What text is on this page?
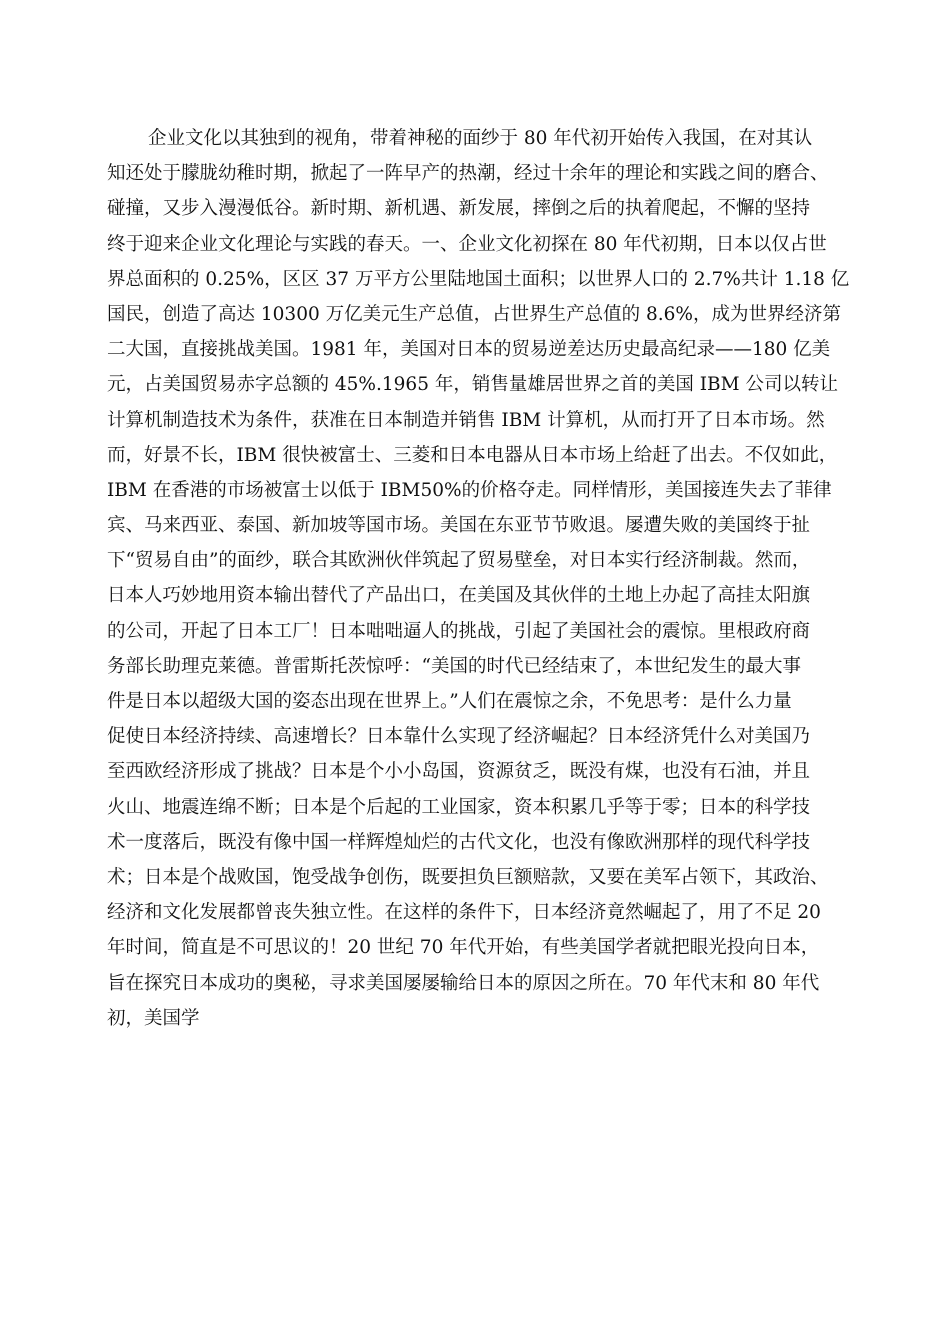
企业文化以其独到的视角，带着神秘的面纱于 80 年代初开始传入我国，在对其认
知还处于朦胧幼稚时期，掀起了一阵早产的热潮，经过十余年的理论和实践之间的磨合、
碰撞，又步入漫漫低谷。新时期、新机遇、新发展，摔倒之后的执着爬起，不懈的坚持
终于迎来企业文化理论与实践的春天。一、企业文化初探在 80 年代初期，日本以仅占世
界总面积的 0.25%，区区 37 万平方公里陆地国土面积；以世界人口的 2.7%共计 1.18 亿
国民，创造了高达 10300 万亿美元生产总值，占世界生产总值的 8.6%，成为世界经济第
二大国，直接挑战美国。1981 年，美国对日本的贸易逆差达历史最高纪录——180 亿美
元，占美国贸易赤字总额的 45%.1965 年，销售量雄居世界之首的美国 IBM 公司以转让
计算机制造技术为条件，获准在日本制造并销售 IBM 计算机，从而打开了日本市场。然
而，好景不长，IBM 很快被富士、三菱和日本电器从日本市场上给赶了出去。不仅如此，
IBM 在香港的市场被富士以低于 IBM50%的价格夺走。同样情形，美国接连失去了菲律
宾、马来西亚、泰国、新加坡等国市场。美国在东亚节节败退。屡遭失败的美国终于扯
下“贸易自由”的面纱，联合其欧洲伙伴筑起了贸易壁垒，对日本实行经济制裁。然而，
日本人巧妙地用资本输出替代了产品出口，在美国及其伙伴的土地上办起了高挂太阳旗
的公司，开起了日本工厂！日本咄咄逼人的挑战，引起了美国社会的震惊。里根政府商
务部长助理克莱德。普雷斯托茨惊呼：“美国的时代已经结束了，本世纪发生的最大事
件是日本以超级大国的姿态出现在世界上。”人们在震惊之余，不免思考：是什么力量
促使日本经济持续、高速增长？日本靠什么实现了经济崛起？日本经济凭什么对美国乃
至西欧经济形成了挑战？日本是个小小岛国，资源贫乏，既没有煤，也没有石油，并且
火山、地震连绵不断；日本是个后起的工业国家，资本积累几乎等于零；日本的科学技
术一度落后，既没有像中国一样辉煌灿烂的古代文化，也没有像欧洲那样的现代科学技
术；日本是个战败国，饱受战争创伤，既要担负巨额赔款，又要在美军占领下，其政治、
经济和文化发展都曾丧失独立性。在这样的条件下，日本经济竟然崛起了，用了不足 20
年时间，简直是不可思议的！20 世纪 70 年代开始，有些美国学者就把眼光投向日本，
旨在探究日本成功的奥秘，寻求美国屡屡输给日本的原因之所在。70 年代末和 80 年代
初，美国学
